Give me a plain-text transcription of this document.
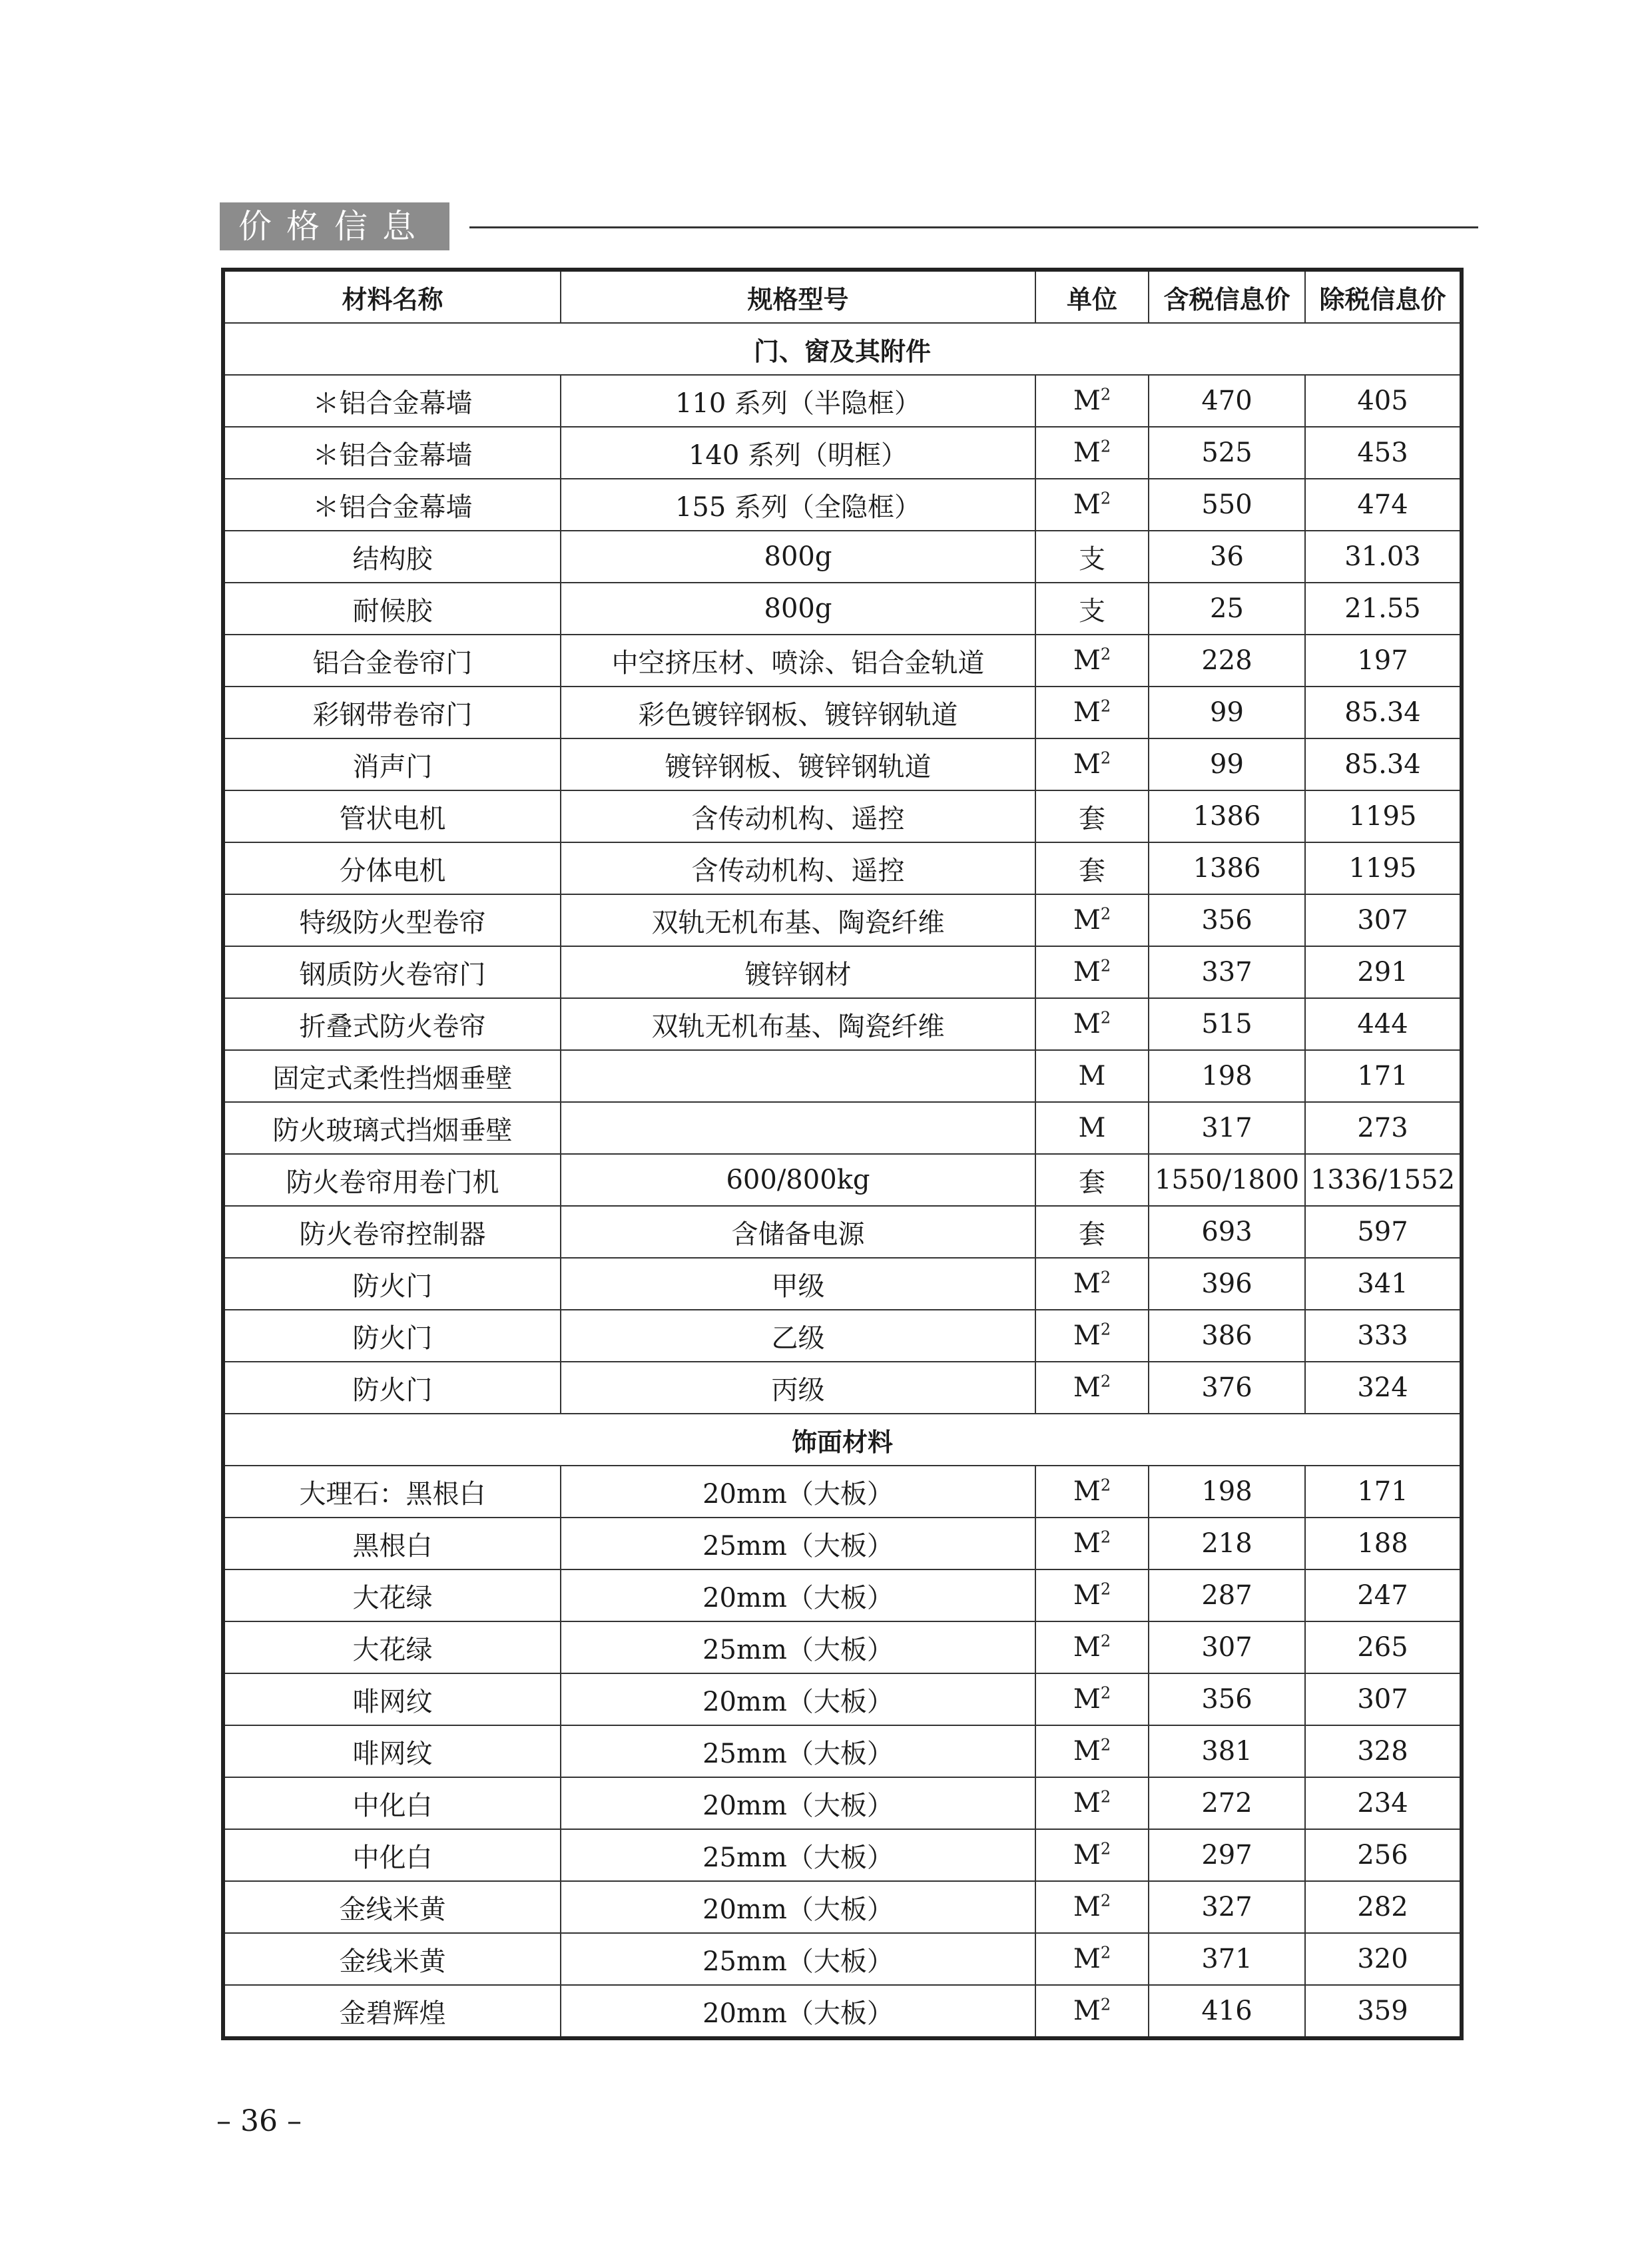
价格信息
材料名称	规格型号	单位	含税信息价	除税信息价
门、窗及其附件				
＊铝合金幕墙	110 系列（半隐框）	$M^2$	470	405
＊铝合金幕墙	140 系列（明框）	$M^2$	525	453
＊铝合金幕墙	155 系列（全隐框）	$M^2$	550	474
结构胶	800g	支	36	31.03
耐候胶	800g	支	25	21.55
铝合金卷帘门	中空挤压材、喷涂、铝合金轨道	$M^2$	228	197
彩钢带卷帘门	彩色镀锌钢板、镀锌钢轨道	$M^2$	99	85.34
消声门	镀锌钢板、镀锌钢轨道	$M^2$	99	85.34
管状电机	含传动机构、遥控	套	1386	1195
分体电机	含传动机构、遥控	套	1386	1195
特级防火型卷帘	双轨无机布基、陶瓷纤维	$M^2$	356	307
钢质防火卷帘门	镀锌钢材	$M^2$	337	291
折叠式防火卷帘	双轨无机布基、陶瓷纤维	$M^2$	515	444
固定式柔性挡烟垂壁		M	198	171
防火玻璃式挡烟垂壁		M	317	273
防火卷帘用卷门机	600/800kg	套	1550/1800	1336/1552
防火卷帘控制器	含储备电源	套	693	597
防火门	甲级	$M^2$	396	341
防火门	乙级	$M^2$	386	333
防火门	丙级	$M^2$	376	324
饰面材料				
大理石：黑根白	20mm（大板）	$M^2$	198	171
黑根白	25mm（大板）	$M^2$	218	188
大花绿	20mm（大板）	$M^2$	287	247
大花绿	25mm（大板）	$M^2$	307	265
啡网纹	20mm（大板）	$M^2$	356	307
啡网纹	25mm（大板）	$M^2$	381	328
中化白	20mm（大板）	$M^2$	272	234
中化白	25mm（大板）	$M^2$	297	256
金线米黄	20mm（大板）	$M^2$	327	282
金线米黄	25mm（大板）	$M^2$	371	320
金碧辉煌	20mm（大板）	$M^2$	416	359
– 36 –
